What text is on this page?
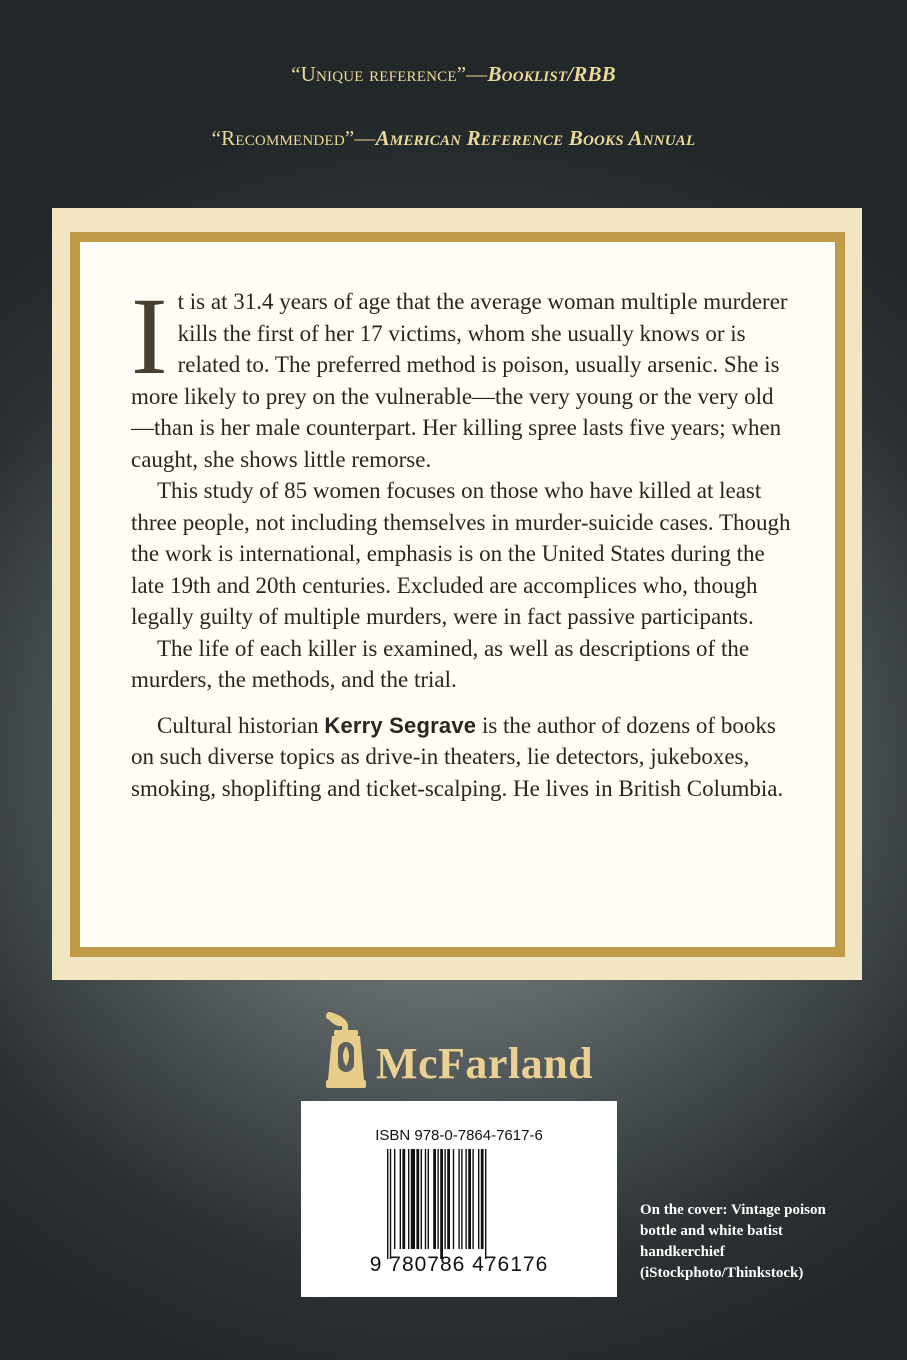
“Unique reference”—Booklist/RBB
“Recommended”—American Reference Books Annual

It is at 31.4 years of age that the average woman multiple murderer kills the first of her 17 victims, whom she usually knows or is related to. The preferred method is poison, usually arsenic. She is more likely to prey on the vulnerable—the very young or the very old—than is her male counterpart. Her killing spree lasts five years; when caught, she shows little remorse.

This study of 85 women focuses on those who have killed at least three people, not including themselves in murder-suicide cases. Though the work is international, emphasis is on the United States during the late 19th and 20th centuries. Excluded are accomplices who, though legally guilty of multiple murders, were in fact passive participants.

The life of each killer is examined, as well as descriptions of the murders, the methods, and the trial.

Cultural historian Kerry Segrave is the author of dozens of books on such diverse topics as drive-in theaters, lie detectors, jukeboxes, smoking, shoplifting and ticket-scalping. He lives in British Columbia.

McFarland
ISBN 978-0-7864-7617-6
9 780786 476176
On the cover: Vintage poison bottle and white batist handkerchief (iStockphoto/Thinkstock)
